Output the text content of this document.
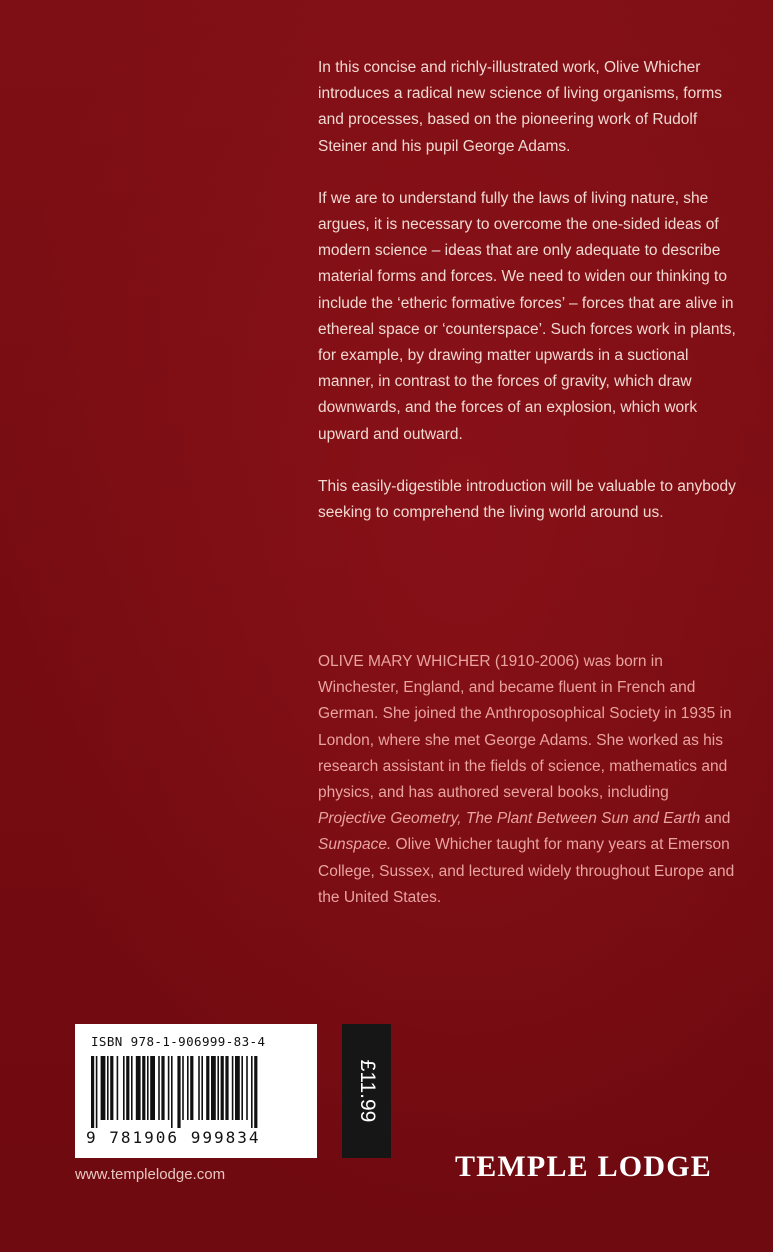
In this concise and richly-illustrated work, Olive Whicher introduces a radical new science of living organisms, forms and processes, based on the pioneering work of Rudolf Steiner and his pupil George Adams.

If we are to understand fully the laws of living nature, she argues, it is necessary to overcome the one-sided ideas of modern science – ideas that are only adequate to describe material forms and forces. We need to widen our thinking to include the ‘etheric formative forces’ – forces that are alive in ethereal space or ‘counterspace’. Such forces work in plants, for example, by drawing matter upwards in a suctional manner, in contrast to the forces of gravity, which draw downwards, and the forces of an explosion, which work upward and outward.

This easily-digestible introduction will be valuable to anybody seeking to comprehend the living world around us.

OLIVE MARY WHICHER (1910-2006) was born in Winchester, England, and became fluent in French and German. She joined the Anthroposophical Society in 1935 in London, where she met George Adams. She worked as his research assistant in the fields of science, mathematics and physics, and has authored several books, including Projective Geometry, The Plant Between Sun and Earth and Sunspace. Olive Whicher taught for many years at Emerson College, Sussex, and lectured widely throughout Europe and the United States.

ISBN 978-1-906999-83-4
9 781906 999834
£11.99
www.templelodge.com	TEMPLE LODGE
